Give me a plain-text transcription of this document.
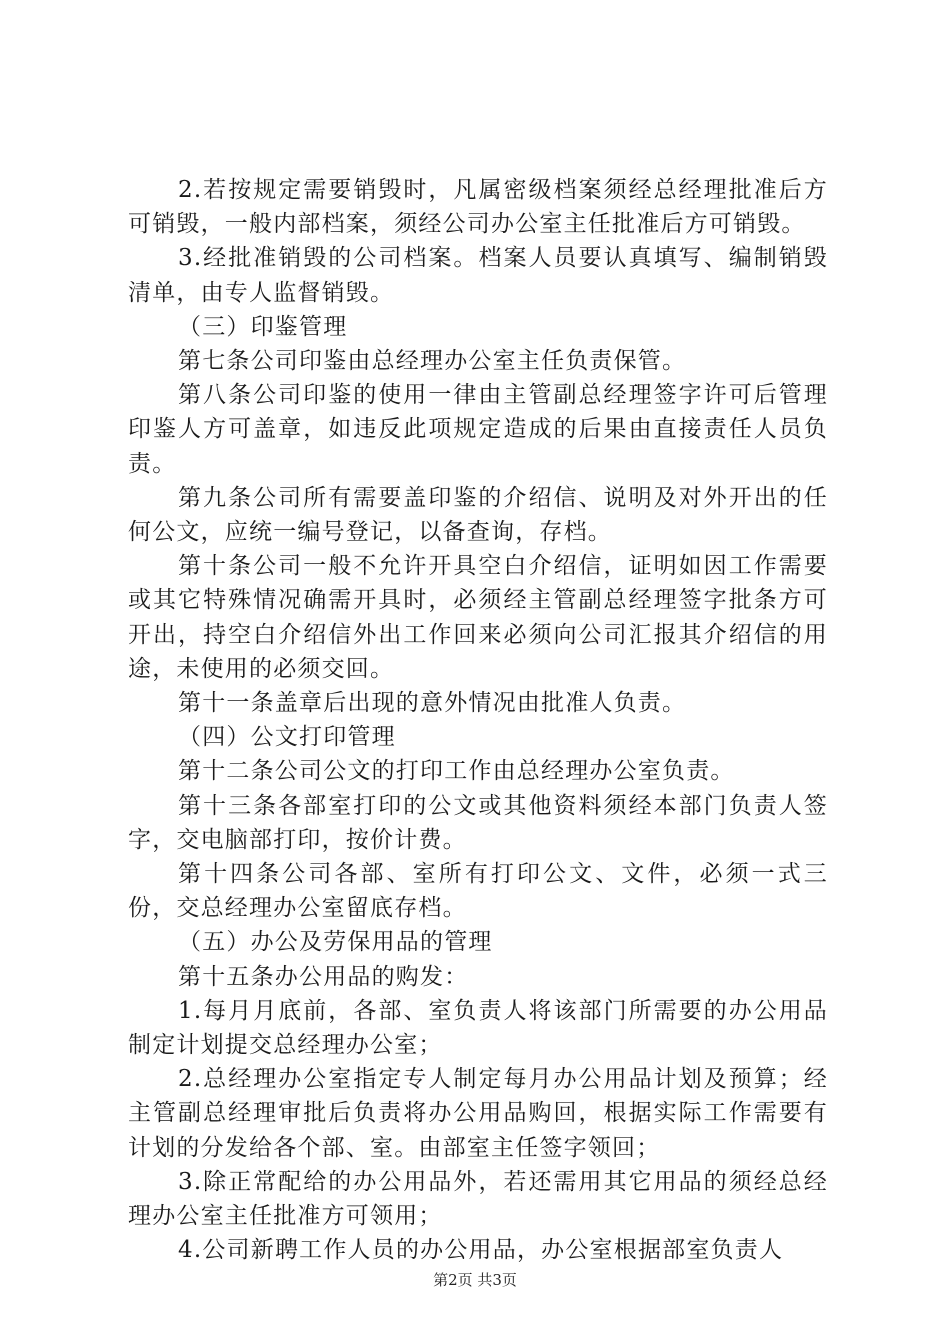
2.若按规定需要销毁时，凡属密级档案须经总经理批准后方可销毁，一般内部档案，须经公司办公室主任批准后方可销毁。

3.经批准销毁的公司档案。档案人员要认真填写、编制销毁清单，由专人监督销毁。

（三）印鉴管理

第七条公司印鉴由总经理办公室主任负责保管。

第八条公司印鉴的使用一律由主管副总经理签字许可后管理印鉴人方可盖章，如违反此项规定造成的后果由直接责任人员负责。

第九条公司所有需要盖印鉴的介绍信、说明及对外开出的任何公文，应统一编号登记，以备查询，存档。

第十条公司一般不允许开具空白介绍信，证明如因工作需要或其它特殊情况确需开具时，必须经主管副总经理签字批条方可开出，持空白介绍信外出工作回来必须向公司汇报其介绍信的用途，未使用的必须交回。

第十一条盖章后出现的意外情况由批准人负责。

（四）公文打印管理

第十二条公司公文的打印工作由总经理办公室负责。

第十三条各部室打印的公文或其他资料须经本部门负责人签字，交电脑部打印，按价计费。

第十四条公司各部、室所有打印公文、文件，必须一式三份，交总经理办公室留底存档。

（五）办公及劳保用品的管理

第十五条办公用品的购发：

1.每月月底前，各部、室负责人将该部门所需要的办公用品制定计划提交总经理办公室；

2.总经理办公室指定专人制定每月办公用品计划及预算；经主管副总经理审批后负责将办公用品购回，根据实际工作需要有计划的分发给各个部、室。由部室主任签字领回；

3.除正常配给的办公用品外，若还需用其它用品的须经总经理办公室主任批准方可领用；

4.公司新聘工作人员的办公用品，办公室根据部室负责人

第2页 共3页
